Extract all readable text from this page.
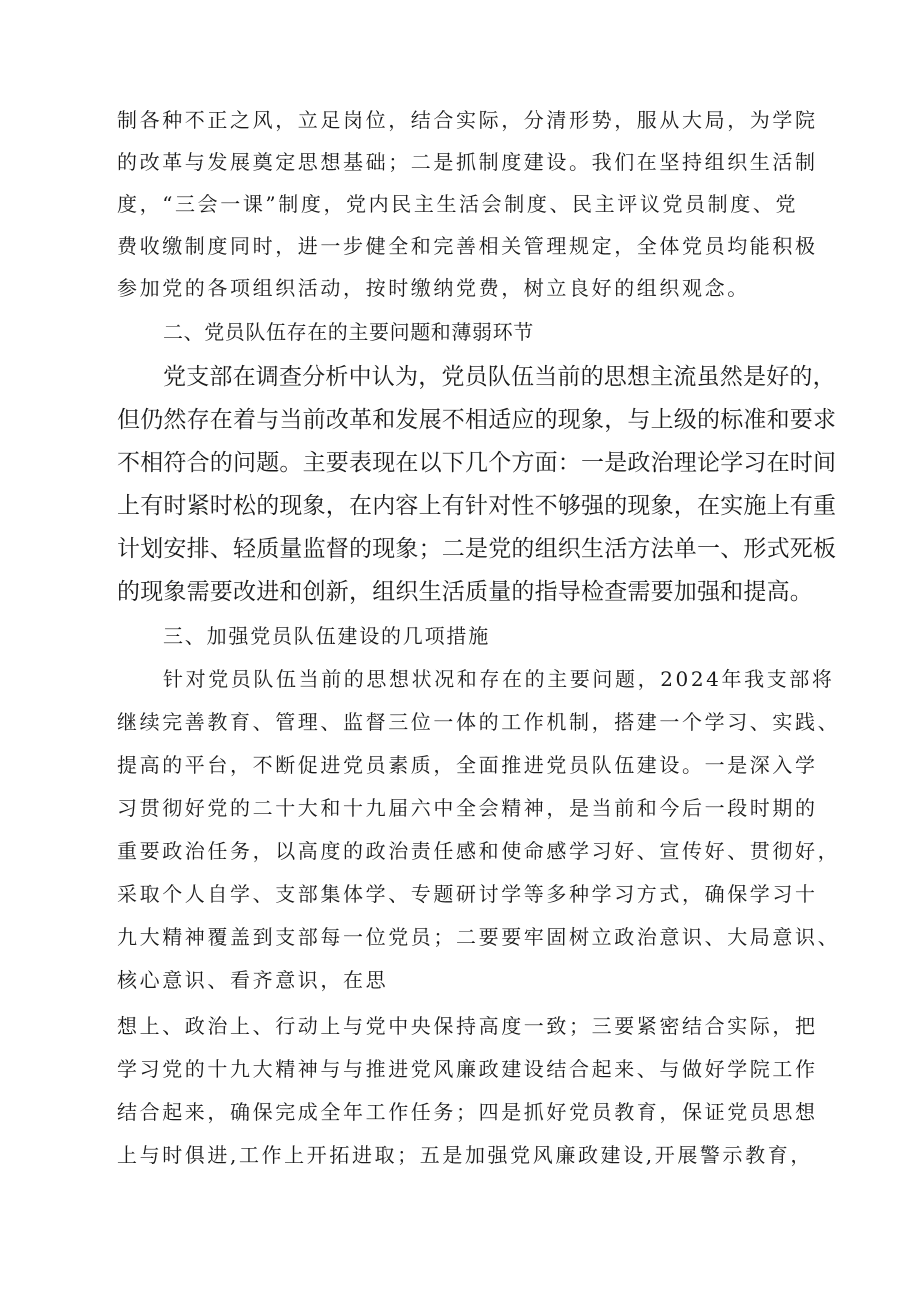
制各种不正之风，立足岗位，结合实际，分清形势，服从大局，为学院
的改革与发展奠定思想基础；二是抓制度建设。我们在坚持组织生活制
度，“三会一课”制度，党内民主生活会制度、民主评议党员制度、党
费收缴制度同时，进一步健全和完善相关管理规定，全体党员均能积极
参加党的各项组织活动，按时缴纳党费，树立良好的组织观念。
二、党员队伍存在的主要问题和薄弱环节
党支部在调查分析中认为，党员队伍当前的思想主流虽然是好的，
但仍然存在着与当前改革和发展不相适应的现象，与上级的标准和要求
不相符合的问题。主要表现在以下几个方面：一是政治理论学习在时间
上有时紧时松的现象，在内容上有针对性不够强的现象，在实施上有重
计划安排、轻质量监督的现象；二是党的组织生活方法单一、形式死板
的现象需要改进和创新，组织生活质量的指导检查需要加强和提高。
三、加强党员队伍建设的几项措施
针对党员队伍当前的思想状况和存在的主要问题，2024年我支部将
继续完善教育、管理、监督三位一体的工作机制，搭建一个学习、实践、
提高的平台，不断促进党员素质，全面推进党员队伍建设。一是深入学
习贯彻好党的二十大和十九届六中全会精神，是当前和今后一段时期的
重要政治任务，以高度的政治责任感和使命感学习好、宣传好、贯彻好，
采取个人自学、支部集体学、专题研讨学等多种学习方式，确保学习十
九大精神覆盖到支部每一位党员；二要要牢固树立政治意识、大局意识、
核心意识、看齐意识，在思
想上、政治上、行动上与党中央保持高度一致；三要紧密结合实际，把
学习党的十九大精神与与推进党风廉政建设结合起来、与做好学院工作
结合起来，确保完成全年工作任务；四是抓好党员教育，保证党员思想
上与时俱进,工作上开拓进取；五是加强党风廉政建设,开展警示教育，
